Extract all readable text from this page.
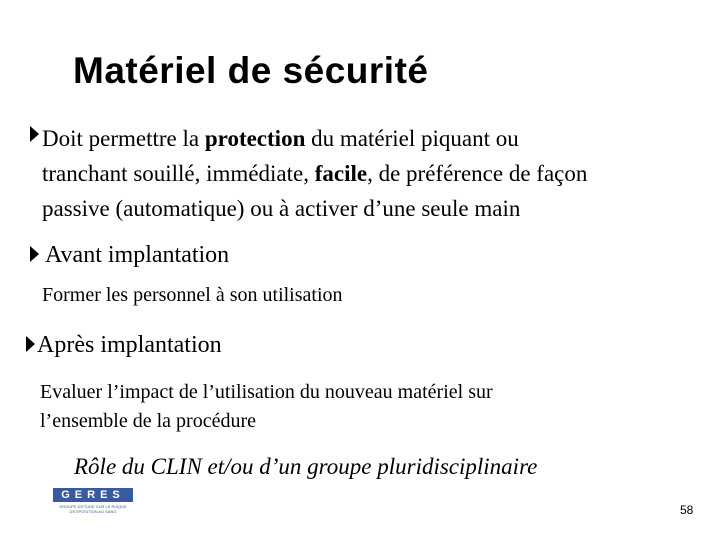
Matériel de sécurité
Doit permettre la protection du matériel piquant ou
tranchant souillé, immédiate, facile, de préférence de façon
passive (automatique) ou à activer d’une seule main
Avant implantation
Former les personnel à son utilisation
Après implantation
Evaluer l’impact de l’utilisation du nouveau matériel sur
l’ensemble de la procédure
Rôle du CLIN et/ou d’un groupe pluridisciplinaire
GERES
GROUPE D'ETUDE SUR LE RISQUE
D'EXPOSITION AU SANG	58
